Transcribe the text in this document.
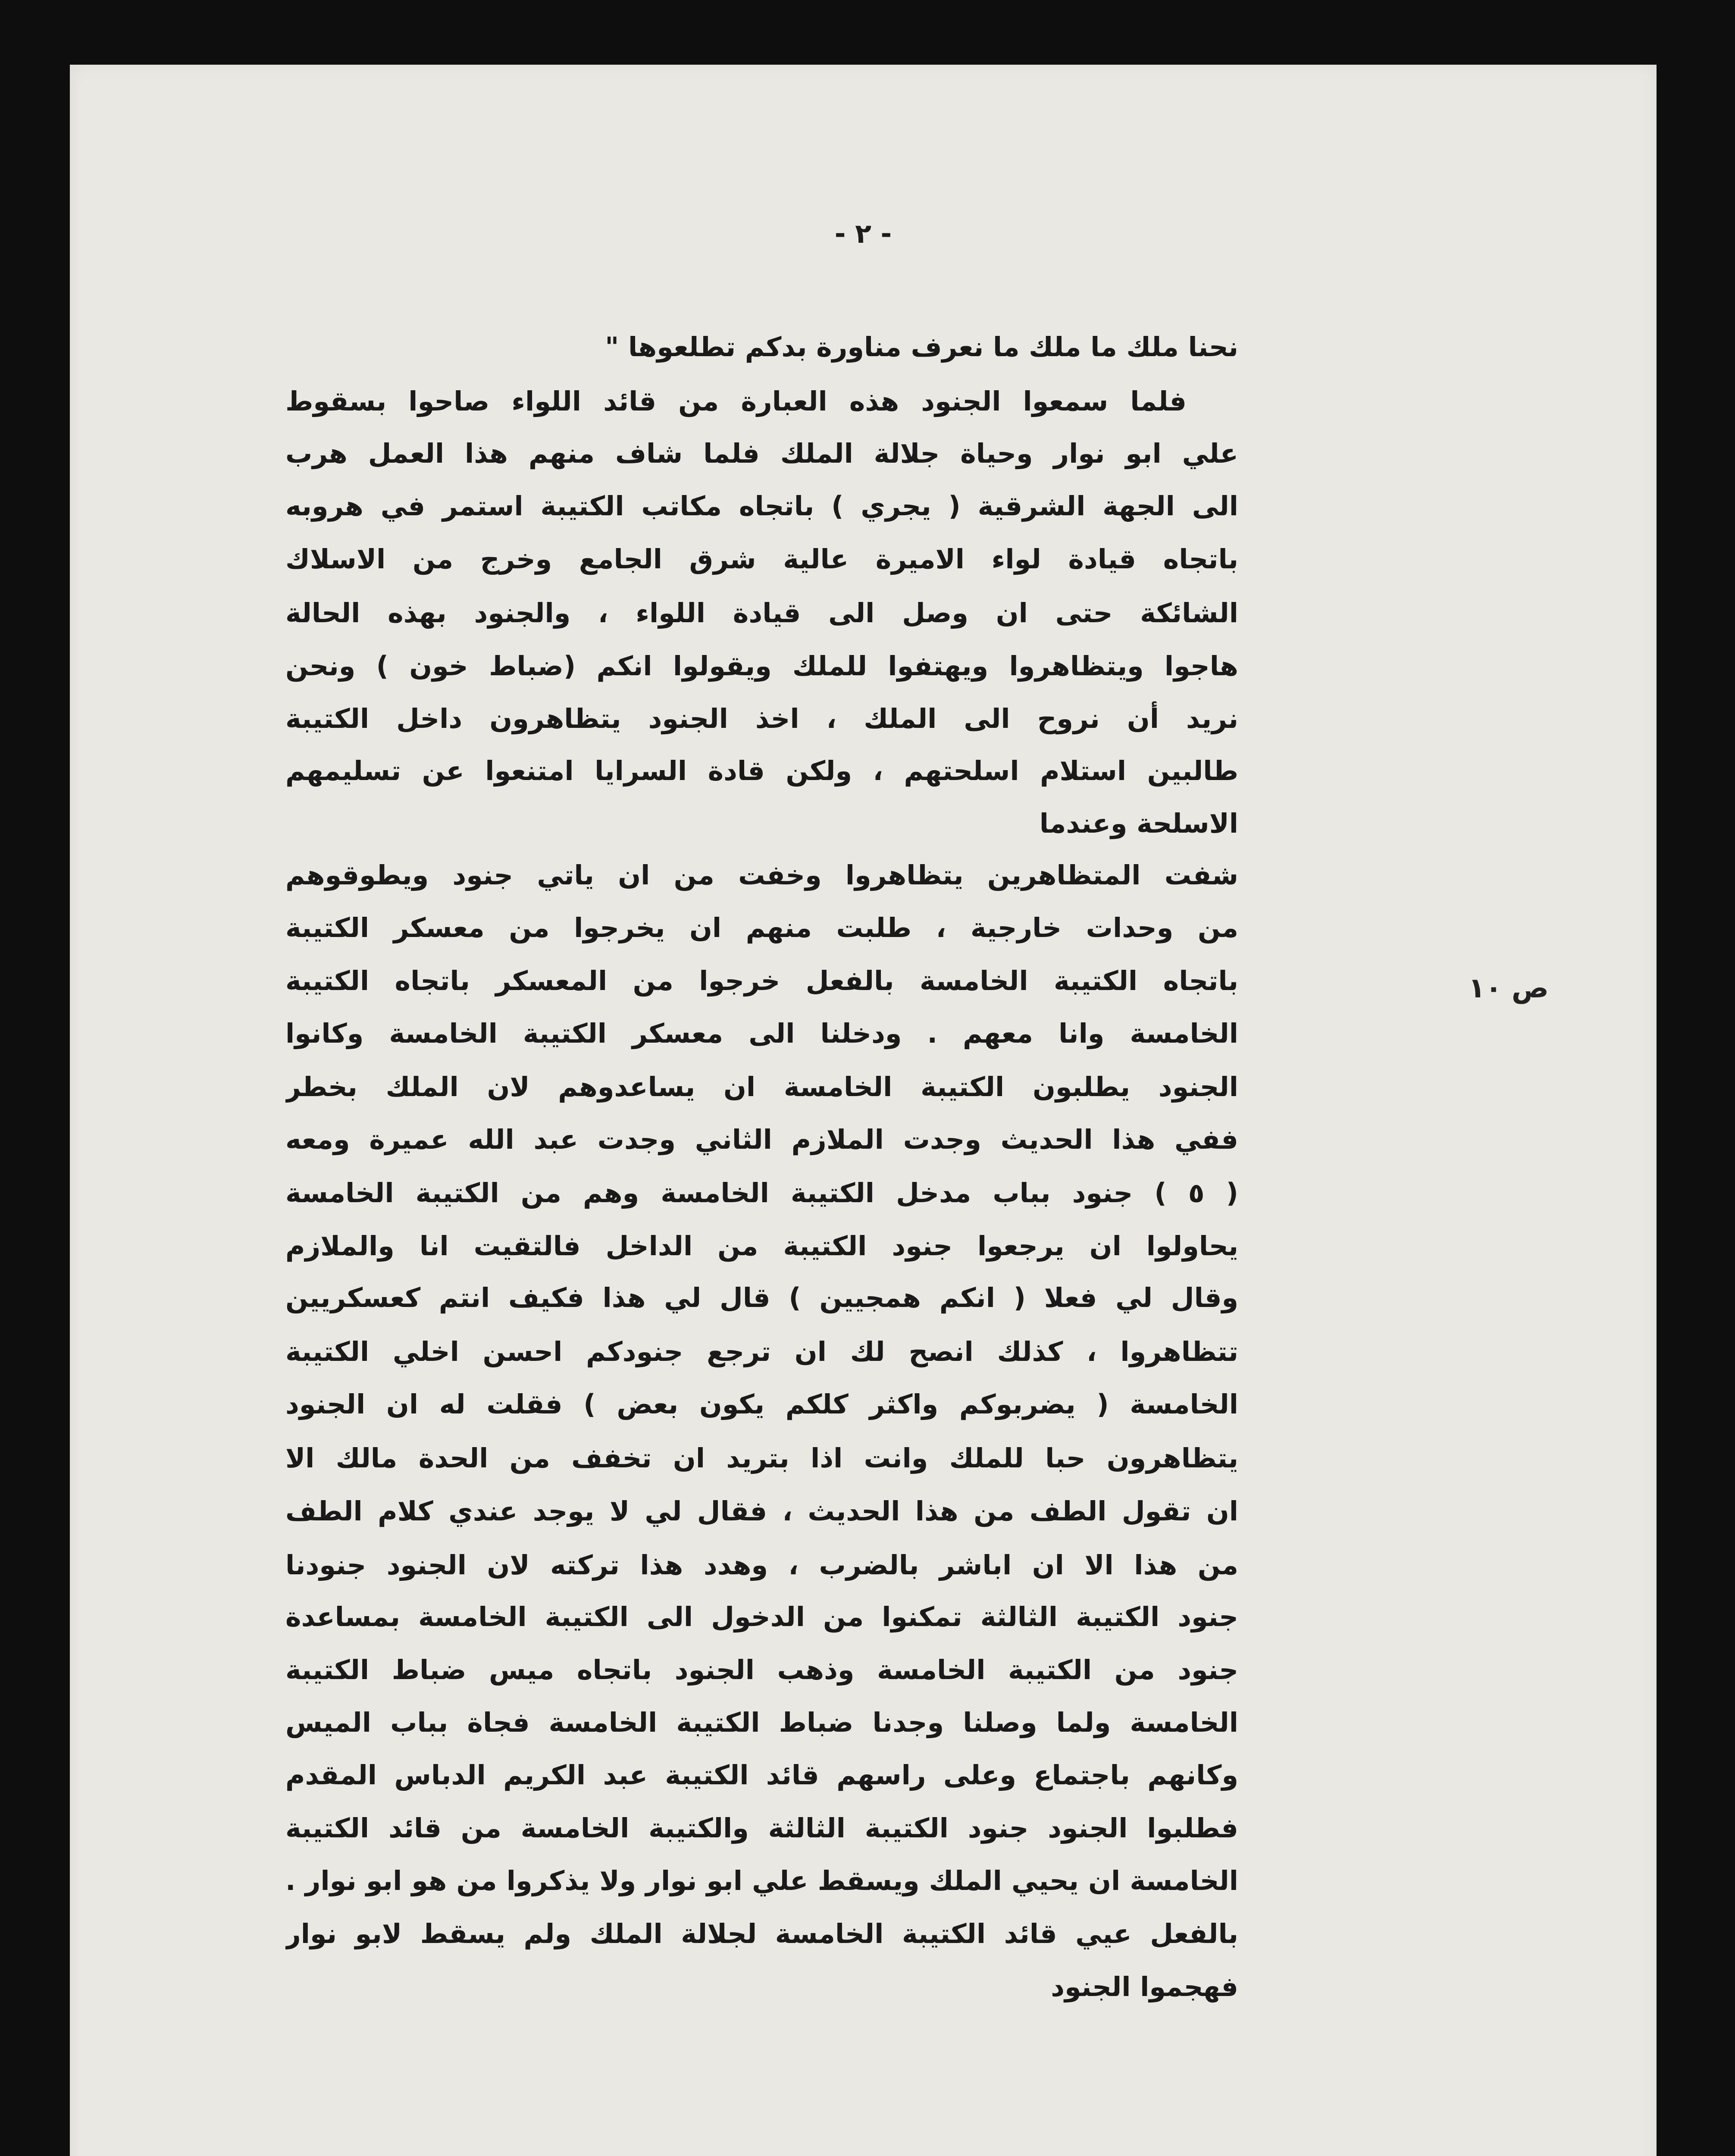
- ٢ -
ص ١٠
نحنا ملك ما ملك ما نعرف مناورة بدكم تطلعوها "
فلما سمعوا الجنود هذه العبارة من قائد اللواء صاحوا بسقوط
علي ابو نوار وحياة جلالة الملك فلما شاف منهم هذا العمل هرب
الى الجهة الشرقية ( يجري ) باتجاه مكاتب الكتيبة استمر في هروبه
باتجاه قيادة لواء الاميرة عالية شرق الجامع وخرج من الاسلاك
الشائكة حتى ان وصل الى قيادة اللواء ، والجنود بهذه الحالة
هاجوا ويتظاهروا ويهتفوا للملك ويقولوا انكم (ضباط خون ) ونحن
نريد أن نروح الى الملك ، اخذ الجنود يتظاهرون داخل الكتيبة
طالبين استلام اسلحتهم ، ولكن قادة السرايا امتنعوا عن تسليمهم
الاسلحة وعندما
شفت المتظاهرين يتظاهروا وخفت من ان ياتي جنود ويطوقوهم
من وحدات خارجية ، طلبت منهم ان يخرجوا من معسكر الكتيبة
باتجاه الكتيبة الخامسة بالفعل خرجوا من المعسكر باتجاه الكتيبة
الخامسة وانا معهم . ودخلنا الى معسكر الكتيبة الخامسة وكانوا
الجنود يطلبون الكتيبة الخامسة ان يساعدوهم لان الملك بخطر
ففي هذا الحديث وجدت الملازم الثاني وجدت عبد الله عميرة ومعه
( ٥ ) جنود بباب مدخل الكتيبة الخامسة وهم من الكتيبة الخامسة
يحاولوا ان يرجعوا جنود الكتيبة من الداخل فالتقيت انا والملازم
وقال لي فعلا ( انكم همجيين ) قال لي هذا فكيف انتم كعسكريين
تتظاهروا ، كذلك انصح لك ان ترجع جنودكم احسن اخلي الكتيبة
الخامسة ( يضربوكم واكثر كلكم يكون بعض ) فقلت له ان الجنود
يتظاهرون حبا للملك وانت اذا بتريد ان تخفف من الحدة مالك الا
ان تقول الطف من هذا الحديث ، فقال لي لا يوجد عندي كلام الطف
من هذا الا ان اباشر بالضرب ، وهدد هذا تركته لان الجنود جنودنا
جنود الكتيبة الثالثة تمكنوا من الدخول الى الكتيبة الخامسة بمساعدة
جنود من الكتيبة الخامسة وذهب الجنود باتجاه ميس ضباط الكتيبة
الخامسة ولما وصلنا وجدنا ضباط الكتيبة الخامسة فجاة بباب الميس
وكانهم باجتماع وعلى راسهم قائد الكتيبة عبد الكريم الدباس المقدم
فطلبوا الجنود جنود الكتيبة الثالثة والكتيبة الخامسة من قائد الكتيبة
الخامسة ان يحيي الملك ويسقط علي ابو نوار ولا يذكروا من هو ابو نوار .
بالفعل عيي قائد الكتيبة الخامسة لجلالة الملك ولم يسقط لابو نوار
فهجموا الجنود
